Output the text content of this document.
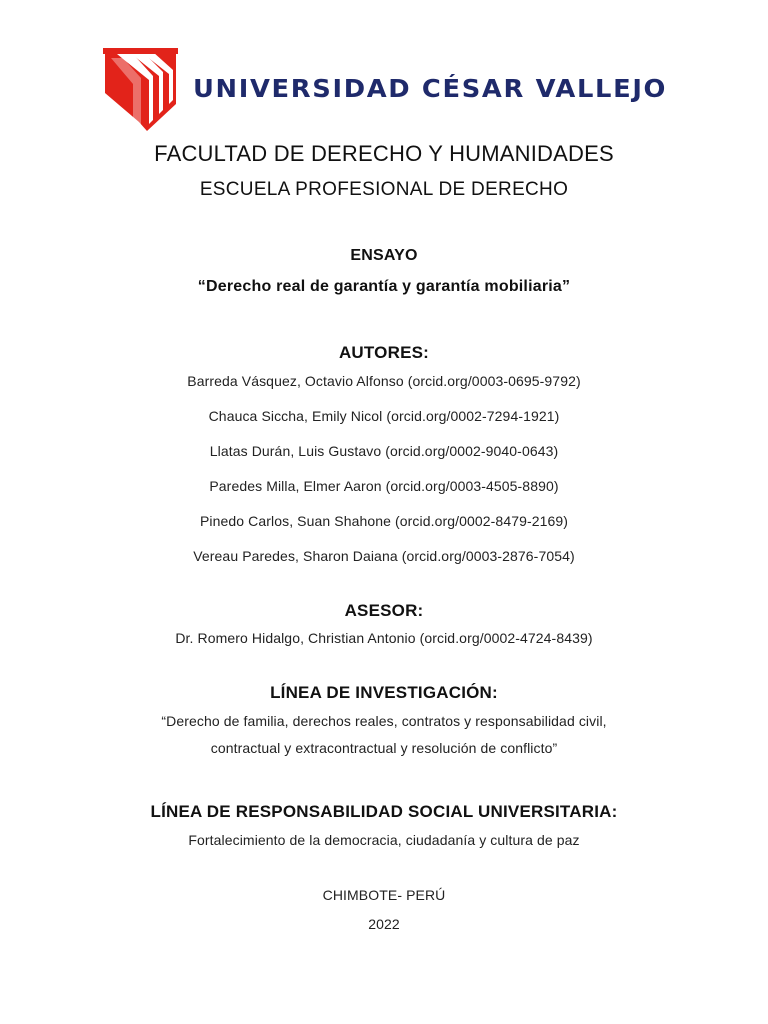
UNIVERSIDAD CÉSAR VALLEJO
FACULTAD DE DERECHO Y HUMANIDADES
ESCUELA PROFESIONAL DE DERECHO
ENSAYO
“Derecho real de garantía y garantía mobiliaria”
AUTORES:
Barreda Vásquez, Octavio Alfonso (orcid.org/0003-0695-9792)
Chauca Siccha, Emily Nicol (orcid.org/0002-7294-1921)
Llatas Durán, Luis Gustavo (orcid.org/0002-9040-0643)
Paredes Milla, Elmer Aaron (orcid.org/0003-4505-8890)
Pinedo Carlos, Suan Shahone (orcid.org/0002-8479-2169)
Vereau Paredes, Sharon Daiana (orcid.org/0003-2876-7054)
ASESOR:
Dr. Romero Hidalgo, Christian Antonio (orcid.org/0002-4724-8439)
LÍNEA DE INVESTIGACIÓN:
“Derecho de familia, derechos reales, contratos y responsabilidad civil,
contractual y extracontractual y resolución de conflicto”
LÍNEA DE RESPONSABILIDAD SOCIAL UNIVERSITARIA:
Fortalecimiento de la democracia, ciudadanía y cultura de paz
CHIMBOTE- PERÚ
2022
